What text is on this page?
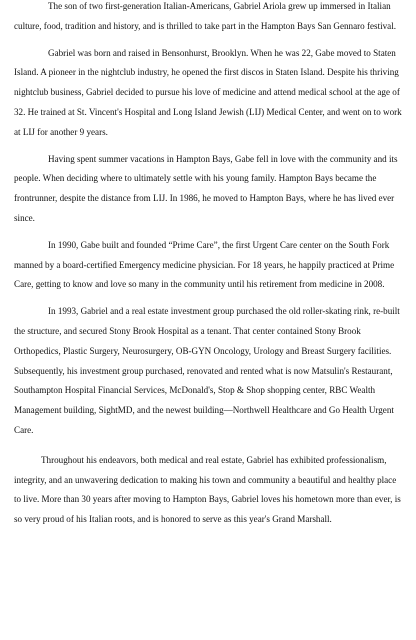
The son of two first-generation Italian-Americans, Gabriel Ariola grew up immersed in Italian culture, food, tradition and history, and is thrilled to take part in the Hampton Bays San Gennaro festival.

Gabriel was born and raised in Bensonhurst, Brooklyn. When he was 22, Gabe moved to Staten Island. A pioneer in the nightclub industry, he opened the first discos in Staten Island. Despite his thriving nightclub business, Gabriel decided to pursue his love of medicine and attend medical school at the age of 32. He trained at St. Vincent's Hospital and Long Island Jewish (LIJ) Medical Center, and went on to work at LIJ for another 9 years.

Having spent summer vacations in Hampton Bays, Gabe fell in love with the community and its people. When deciding where to ultimately settle with his young family. Hampton Bays became the frontrunner, despite the distance from LIJ. In 1986, he moved to Hampton Bays, where he has lived ever since.

In 1990, Gabe built and founded “Prime Care”, the first Urgent Care center on the South Fork manned by a board-certified Emergency medicine physician. For 18 years, he happily practiced at Prime Care, getting to know and love so many in the community until his retirement from medicine in 2008.

In 1993, Gabriel and a real estate investment group purchased the old roller-skating rink, re-built the structure, and secured Stony Brook Hospital as a tenant. That center contained Stony Brook Orthopedics, Plastic Surgery, Neurosurgery, OB-GYN Oncology, Urology and Breast Surgery facilities. Subsequently, his investment group purchased, renovated and rented what is now Matsulin's Restaurant, Southampton Hospital Financial Services, McDonald's, Stop & Shop shopping center, RBC Wealth Management building, SightMD, and the newest building—Northwell Healthcare and Go Health Urgent Care.

Throughout his endeavors, both medical and real estate, Gabriel has exhibited professionalism, integrity, and an unwavering dedication to making his town and community a beautiful and healthy place to live. More than 30 years after moving to Hampton Bays, Gabriel loves his hometown more than ever, is so very proud of his Italian roots, and is honored to serve as this year's Grand Marshall.
